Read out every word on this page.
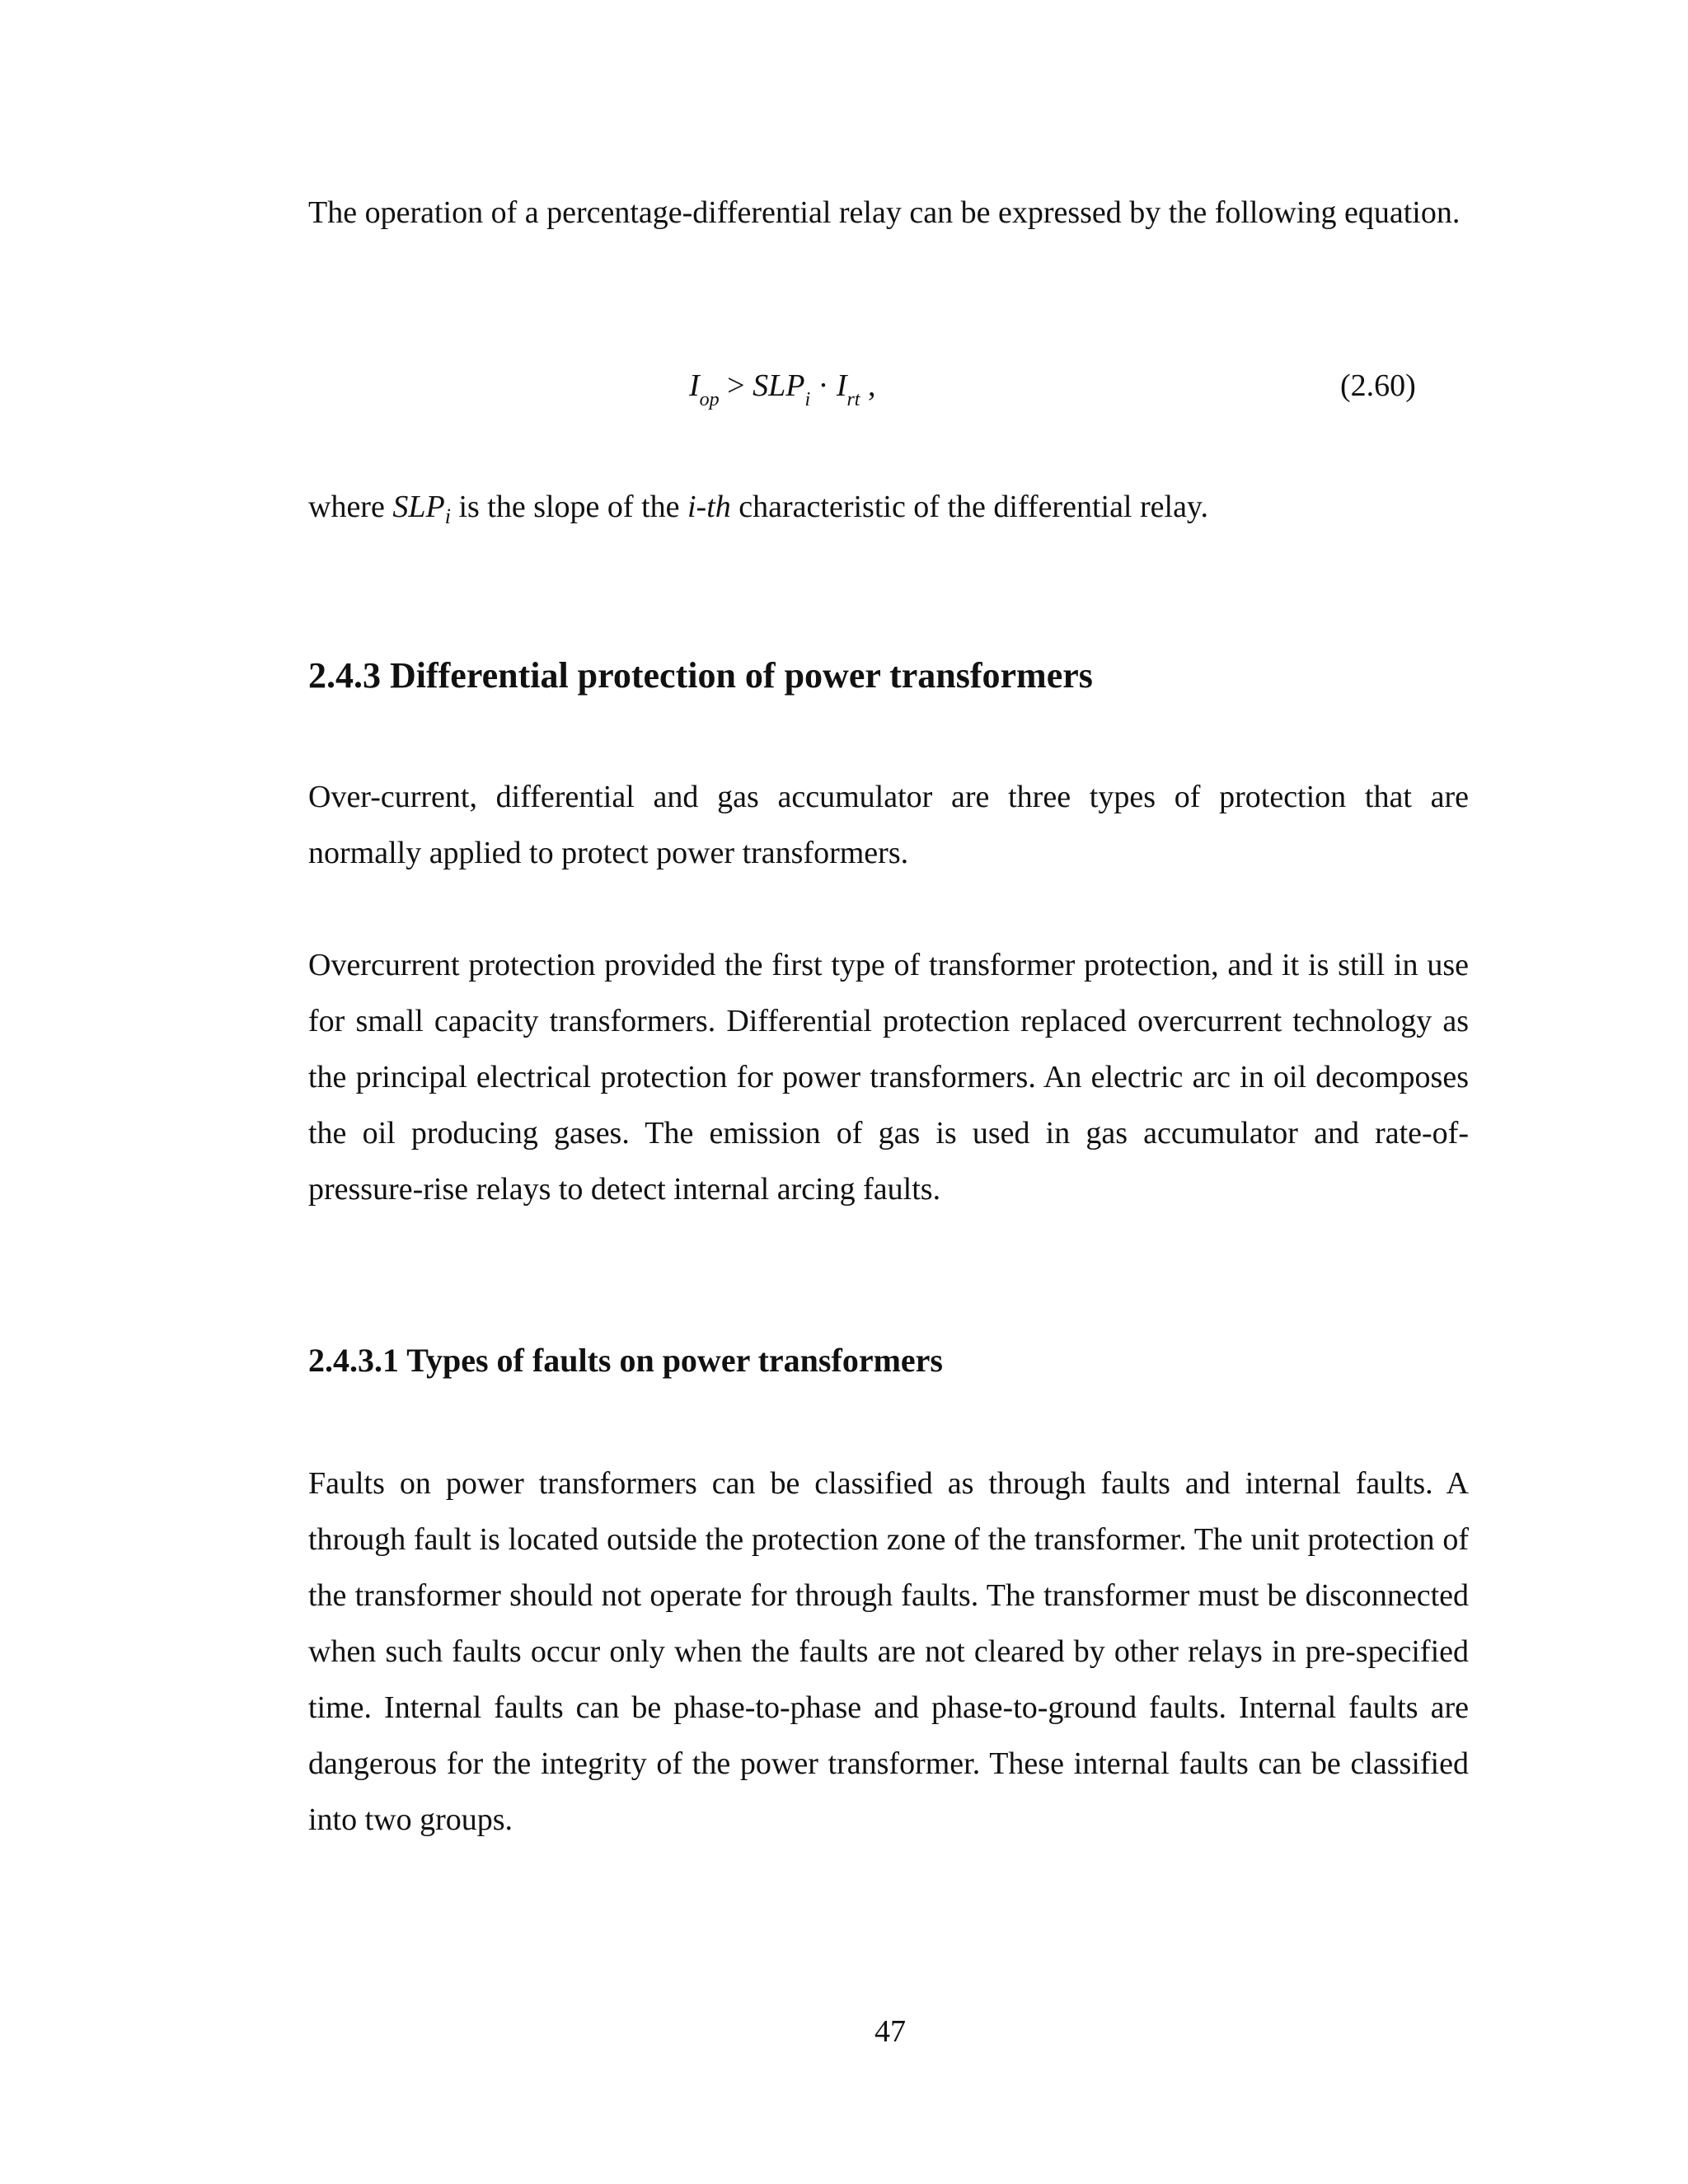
The operation of a percentage-differential relay can be expressed by the following equation.

$I_{op} > SLP_i \cdot I_{rt}$ ,	(2.60)

where $SLP_i$ is the slope of the i-th characteristic of the differential relay.

2.4.3 Differential protection of power transformers

Over-current, differential and gas accumulator are three types of protection that are normally applied to protect power transformers.

Overcurrent protection provided the first type of transformer protection, and it is still in use for small capacity transformers. Differential protection replaced overcurrent technology as the principal electrical protection for power transformers. An electric arc in oil decomposes the oil producing gases. The emission of gas is used in gas accumulator and rate-of-pressure-rise relays to detect internal arcing faults.

2.4.3.1 Types of faults on power transformers

Faults on power transformers can be classified as through faults and internal faults. A through fault is located outside the protection zone of the transformer. The unit protection of the transformer should not operate for through faults. The transformer must be disconnected when such faults occur only when the faults are not cleared by other relays in pre-specified time. Internal faults can be phase-to-phase and phase-to-ground faults. Internal faults are dangerous for the integrity of the power transformer. These internal faults can be classified into two groups.

47
